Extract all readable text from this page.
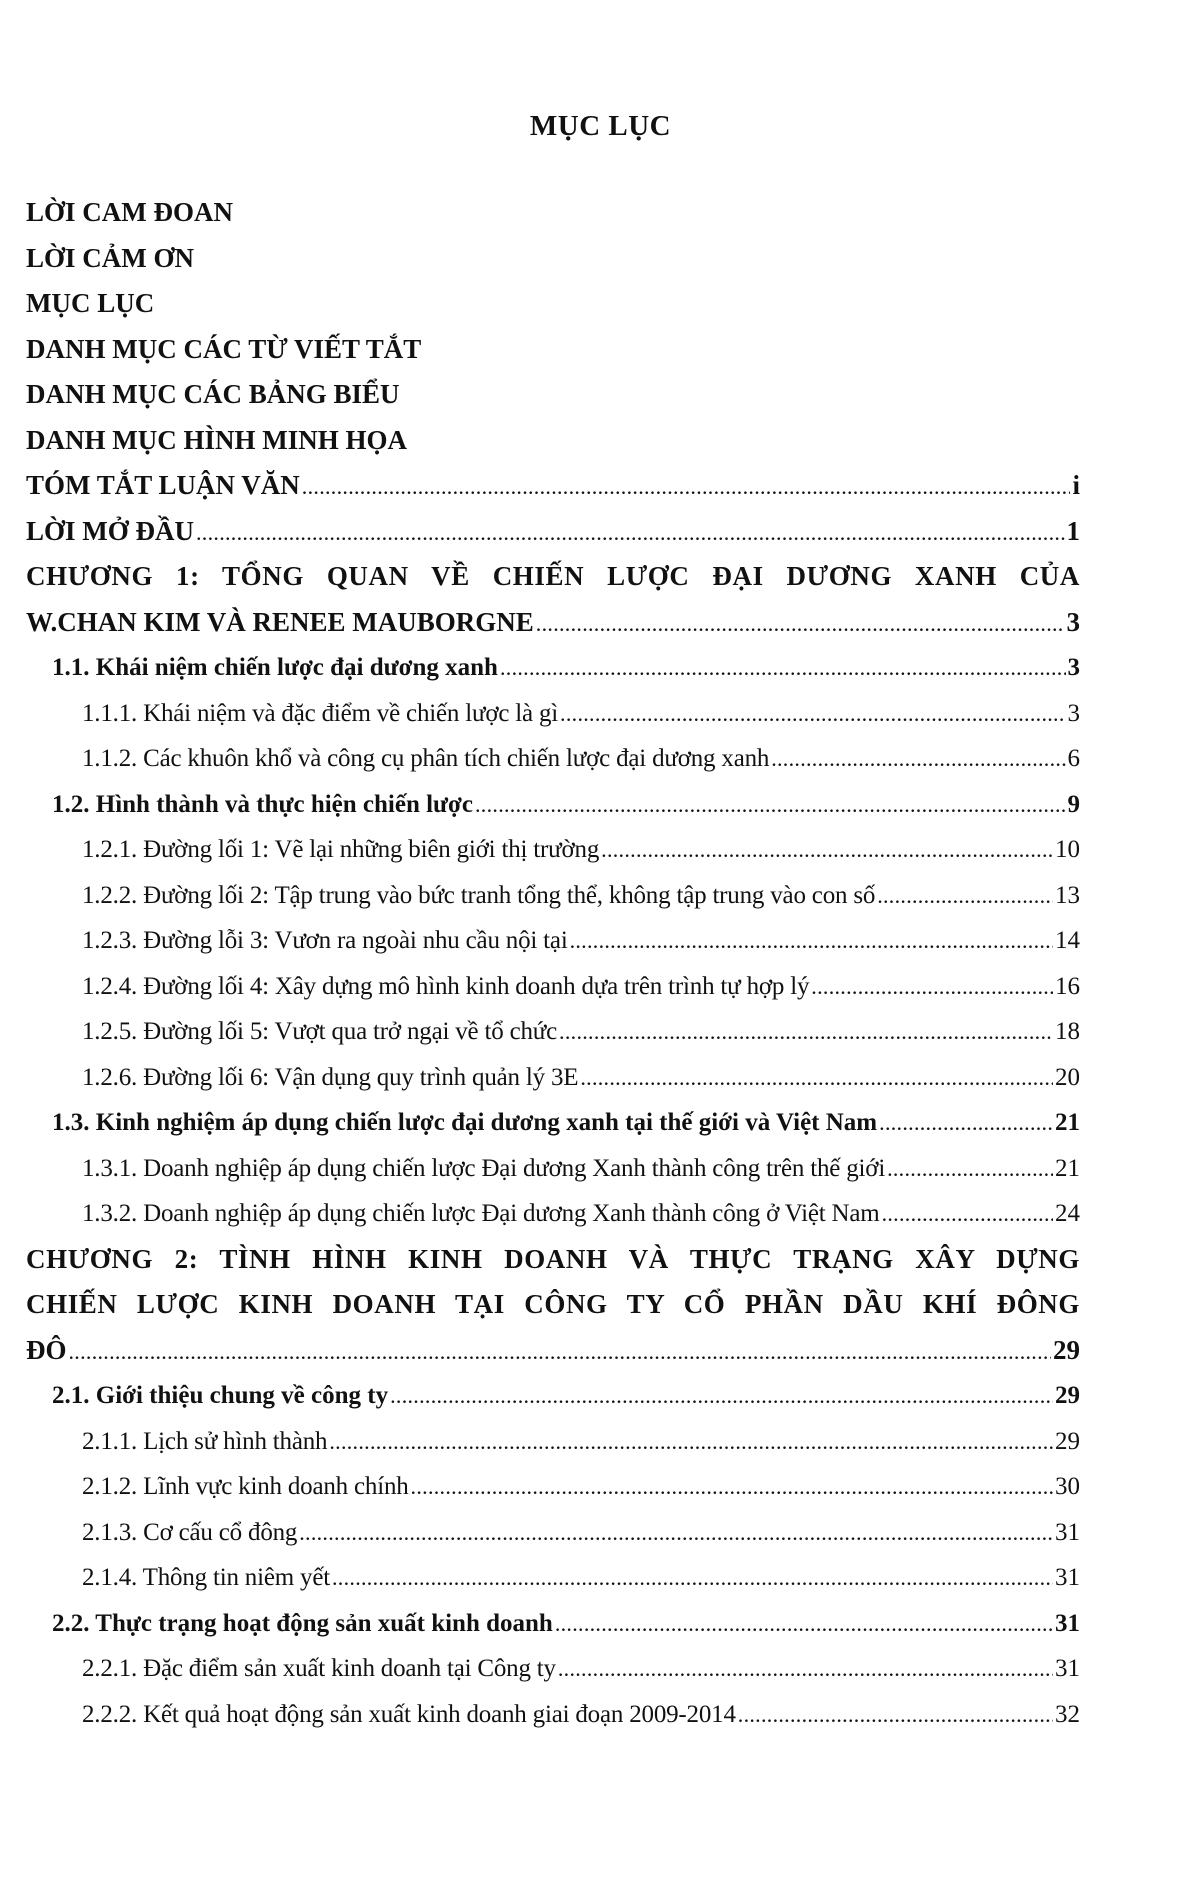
MỤC LỤC
LỜI CAM ĐOAN
LỜI CẢM ƠN
MỤC LỤC
DANH MỤC CÁC TỪ VIẾT TẮT
DANH MỤC CÁC BẢNG BIỂU
DANH MỤC HÌNH MINH HỌA
TÓM TẮT LUẬN VĂN . . .	i
LỜI MỞ ĐẦU . . .	1
CHƯƠNG 1: TỔNG QUAN VỀ CHIẾN LƯỢC ĐẠI DƯƠNG XANH CỦA
W.CHAN KIM VÀ RENEE MAUBORGNE . . .	3
1.1. Khái niệm chiến lược đại dương xanh . . .	3
1.1.1. Khái niệm và đặc điểm về chiến lược là gì . . .	3
1.1.2. Các khuôn khổ và công cụ phân tích chiến lược đại dương xanh . . .	6
1.2. Hình thành và thực hiện chiến lược . . .	9
1.2.1. Đường lối 1: Vẽ lại những biên giới thị trường . . .	10
1.2.2. Đường lối 2: Tập trung vào bức tranh tổng thể, không tập trung vào con số . . .	13
1.2.3. Đường lỗi 3: Vươn ra ngoài nhu cầu nội tại . . .	14
1.2.4. Đường lối 4: Xây dựng mô hình kinh doanh dựa trên trình tự hợp lý . . .	16
1.2.5. Đường lối 5: Vượt qua trở ngại về tổ chức . . .	18
1.2.6. Đường lối 6: Vận dụng quy trình quản lý 3E . . .	20
1.3. Kinh nghiệm áp dụng chiến lược đại dương xanh tại thế giới và Việt Nam . . .	21
1.3.1. Doanh nghiệp áp dụng chiến lược Đại dương Xanh thành công trên thế giới . . .	21
1.3.2. Doanh nghiệp áp dụng chiến lược Đại dương Xanh thành công ở Việt Nam . . .	24
CHƯƠNG 2: TÌNH HÌNH KINH DOANH VÀ THỰC TRẠNG XÂY DỰNG
CHIẾN LƯỢC KINH DOANH TẠI CÔNG TY CỔ PHẦN DẦU KHÍ ĐÔNG
ĐÔ . . .	29
2.1. Giới thiệu chung về công ty . . .	29
2.1.1. Lịch sử hình thành . . .	29
2.1.2. Lĩnh vực kinh doanh chính . . .	30
2.1.3. Cơ cấu cổ đông . . .	31
2.1.4. Thông tin niêm yết . . .	31
2.2. Thực trạng hoạt động sản xuất kinh doanh . . .	31
2.2.1. Đặc điểm sản xuất kinh doanh tại Công ty . . .	31
2.2.2. Kết quả hoạt động sản xuất kinh doanh giai đoạn 2009-2014 . . .	32
